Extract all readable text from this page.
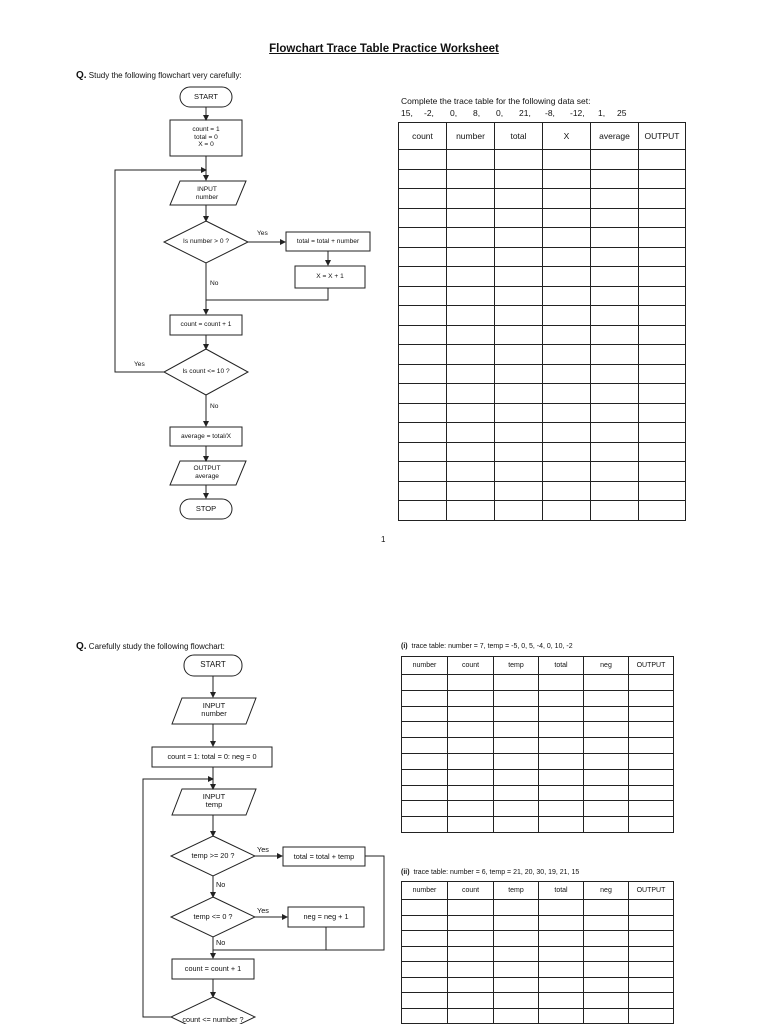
Flowchart Trace Table Practice Worksheet
Q. Study the following flowchart very carefully:
START
count = 1
total = 0
X = 0
INPUT
number
Is number > 0 ?
Yes
total = total + number
X = X + 1
No
count = count + 1
Is count <= 10 ?
Yes
No
average = total/X
OUTPUT
average
STOP
Complete the trace table for the following data set:
15, -2, 0, 8, 0, 21, -8, -12, 1, 25
count	number	total	X	average	OUTPUT

1
Q. Carefully study the following flowchart:
START
INPUT
number
count = 1: total = 0: neg = 0
INPUT
temp
temp >= 20 ?
Yes
total = total + temp
No
temp <= 0 ?
Yes
neg = neg + 1
No
count = count + 1
count <= number ?
(i) trace table: number = 7, temp = -5, 0, 5, -4, 0, 10, -2
number	count	temp	total	neg	OUTPUT

(ii) trace table: number = 6, temp = 21, 20, 30, 19, 21, 15
number	count	temp	total	neg	OUTPUT
